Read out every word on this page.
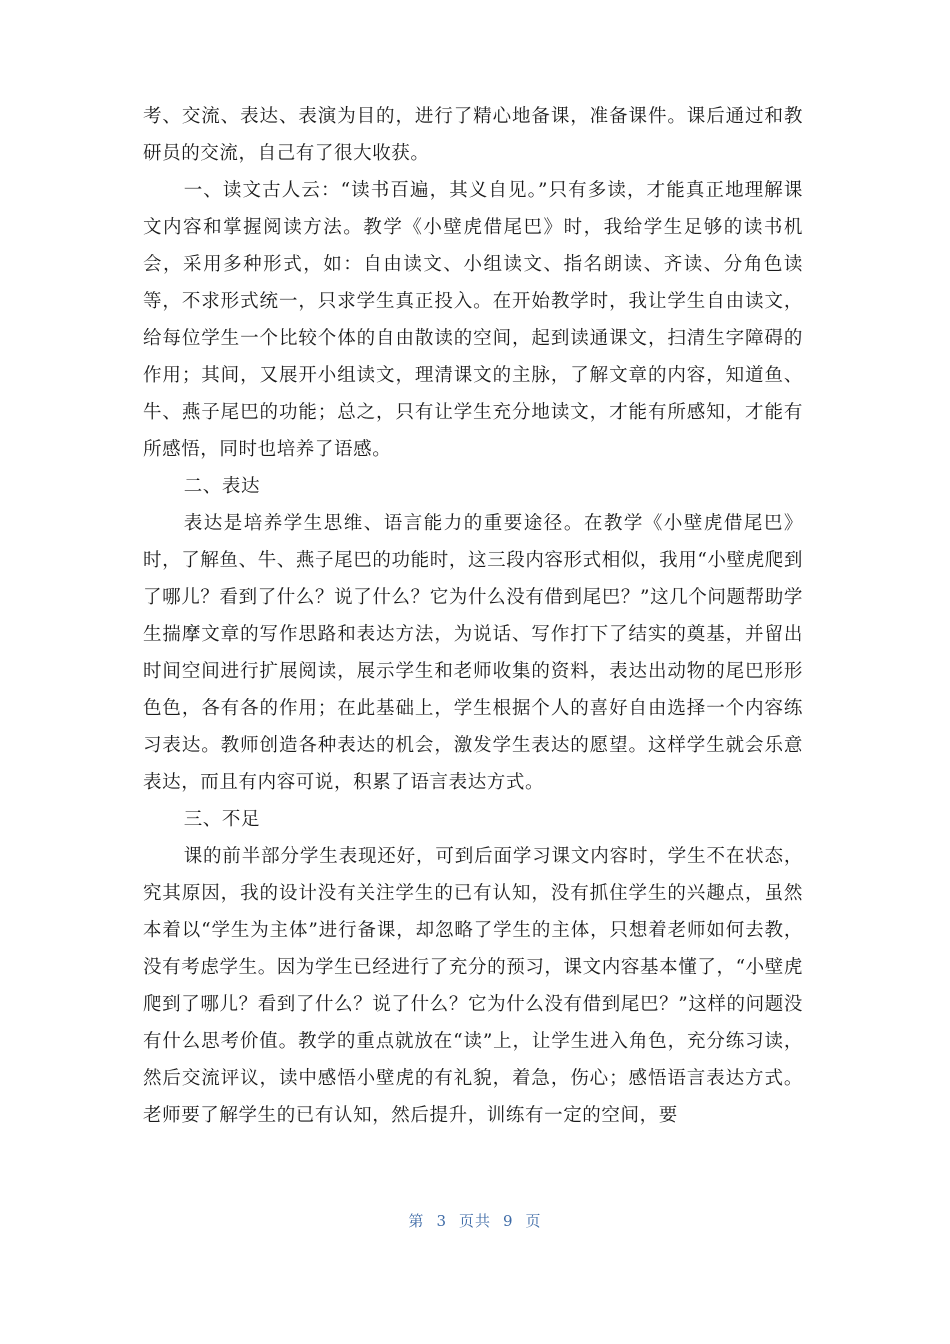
考、交流、表达、表演为目的，进行了精心地备课，准备课件。课后通过和教研员的交流，自己有了很大收获。

一、读文古人云：“读书百遍，其义自见。”只有多读，才能真正地理解课文内容和掌握阅读方法。教学《小壁虎借尾巴》时，我给学生足够的读书机会，采用多种形式，如：自由读文、小组读文、指名朗读、齐读、分角色读等，不求形式统一，只求学生真正投入。在开始教学时，我让学生自由读文，给每位学生一个比较个体的自由散读的空间，起到读通课文，扫清生字障碍的作用；其间，又展开小组读文，理清课文的主脉，了解文章的内容，知道鱼、牛、燕子尾巴的功能；总之，只有让学生充分地读文，才能有所感知，才能有所感悟，同时也培养了语感。

二、表达

表达是培养学生思维、语言能力的重要途径。在教学《小壁虎借尾巴》时，了解鱼、牛、燕子尾巴的功能时，这三段内容形式相似，我用“小壁虎爬到了哪儿？看到了什么？说了什么？它为什么没有借到尾巴？”这几个问题帮助学生揣摩文章的写作思路和表达方法，为说话、写作打下了结实的奠基，并留出时间空间进行扩展阅读，展示学生和老师收集的资料，表达出动物的尾巴形形色色，各有各的作用；在此基础上，学生根据个人的喜好自由选择一个内容练习表达。教师创造各种表达的机会，激发学生表达的愿望。这样学生就会乐意表达，而且有内容可说，积累了语言表达方式。

三、不足

课的前半部分学生表现还好，可到后面学习课文内容时，学生不在状态，究其原因，我的设计没有关注学生的已有认知，没有抓住学生的兴趣点，虽然本着以“学生为主体”进行备课，却忽略了学生的主体，只想着老师如何去教，没有考虑学生。因为学生已经进行了充分的预习，课文内容基本懂了，“小壁虎爬到了哪儿？看到了什么？说了什么？它为什么没有借到尾巴？”这样的问题没有什么思考价值。教学的重点就放在“读”上，让学生进入角色，充分练习读，然后交流评议，读中感悟小壁虎的有礼貌，着急，伤心；感悟语言表达方式。老师要了解学生的已有认知，然后提升，训练有一定的空间，要

第 3 页共 9 页
